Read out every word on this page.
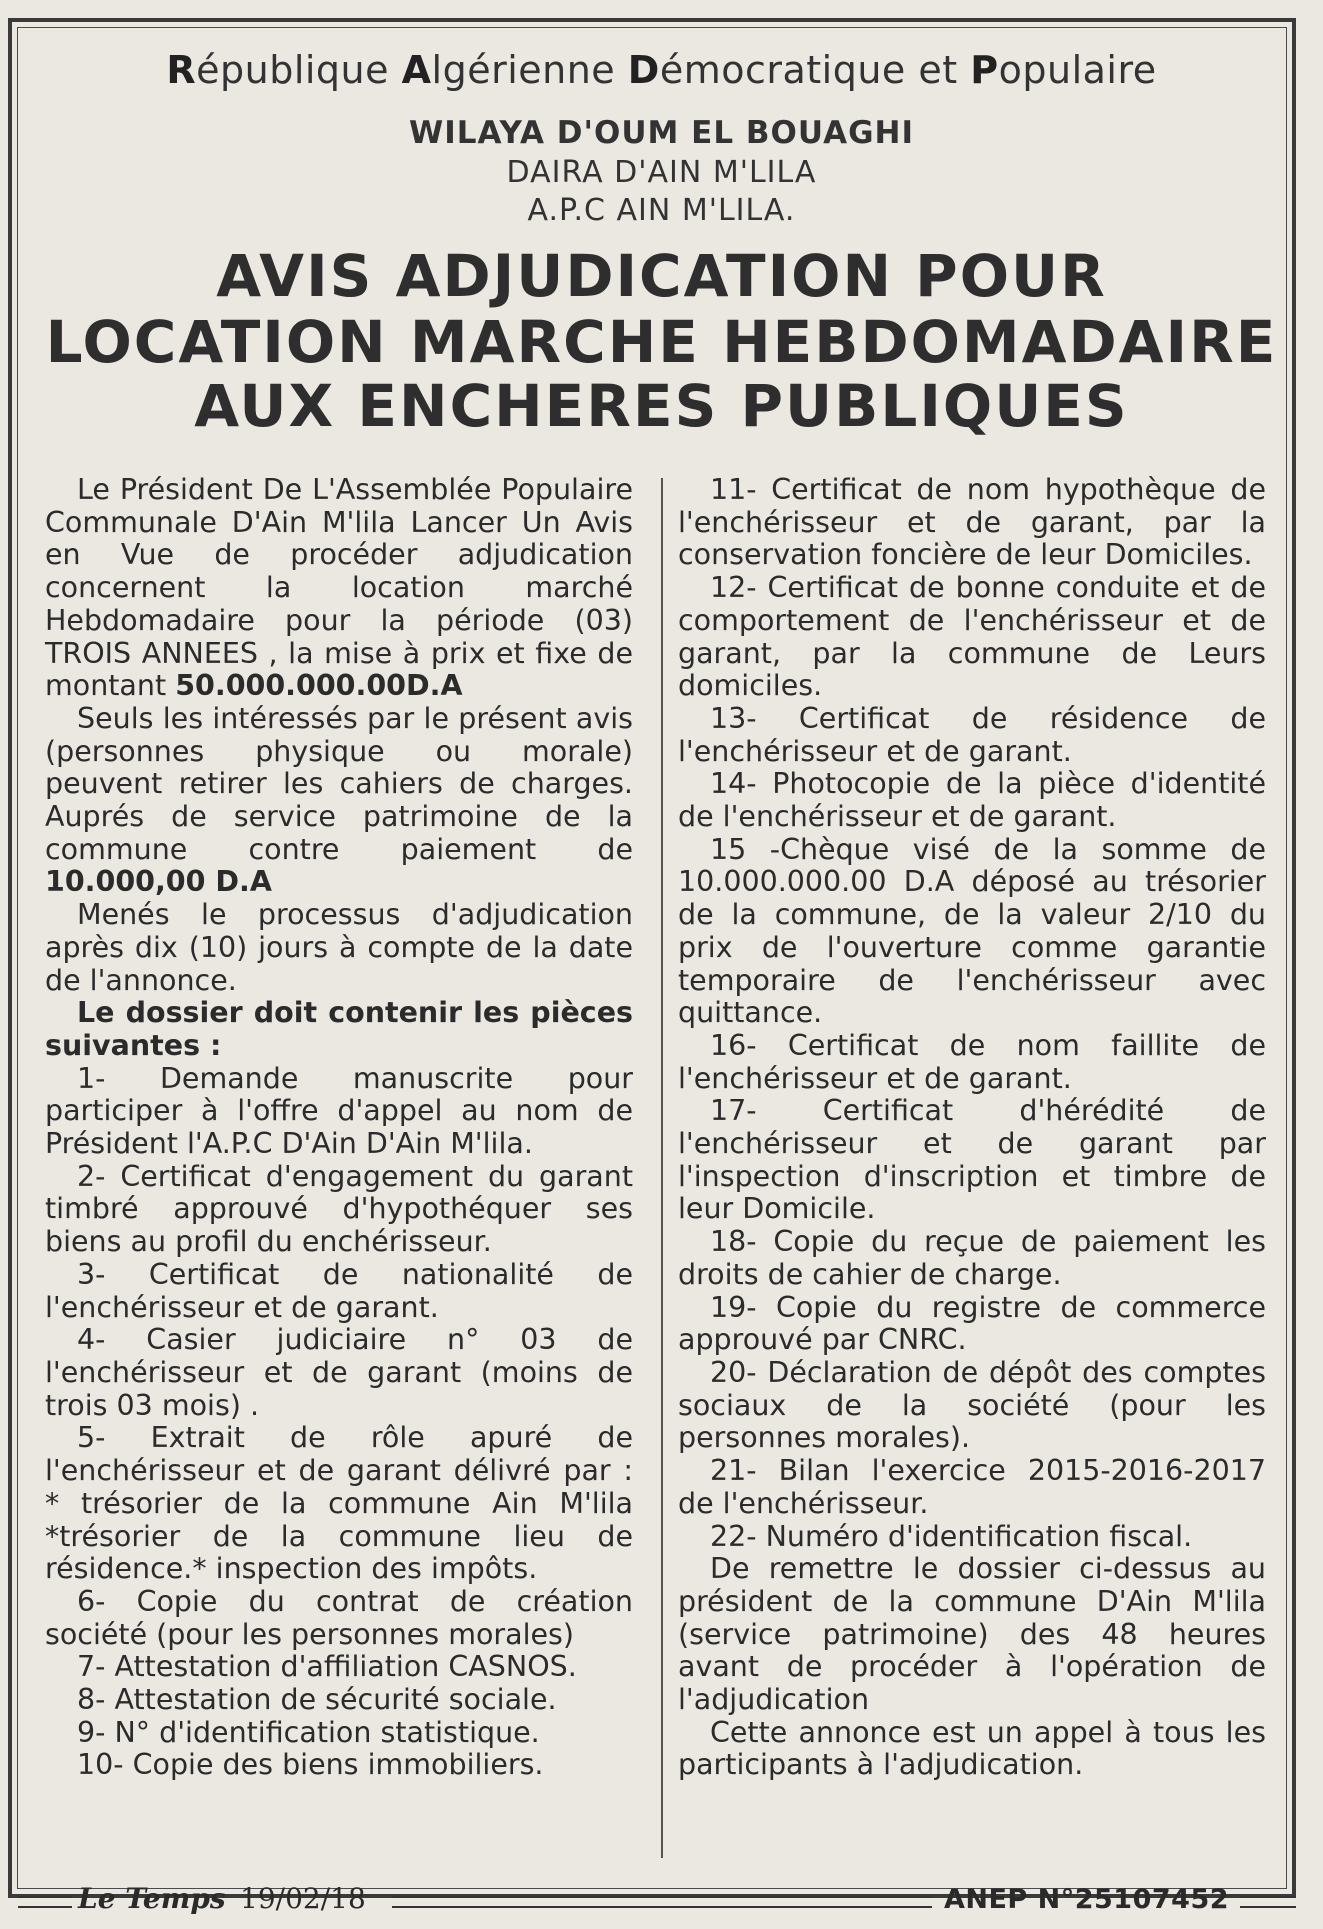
République Algérienne Démocratique et Populaire
WILAYA D'OUM EL BOUAGHI
DAIRA D'AIN M'LILA
A.P.C AIN M'LILA.
AVIS ADJUDICATION POUR
LOCATION MARCHE HEBDOMADAIRE
AUX ENCHERES PUBLIQUES

Le Président De L'Assemblée Populaire Communale D'Ain M'lila Lancer Un Avis en Vue de procéder adjudication concernent la location marché Hebdomadaire pour la période (03) TROIS ANNEES , la mise à prix et fixe de montant 50.000.000.00D.A

Seuls les intéressés par le présent avis (personnes physique ou morale) peuvent retirer les cahiers de charges. Auprés de service patrimoine de la commune contre paiement de 10.000,00 D.A

Menés le processus d'adjudication après dix (10) jours à compte de la date de l'annonce.

Le dossier doit contenir les pièces suivantes :

1- Demande manuscrite pour participer à l'offre d'appel au nom de Président l'A.P.C D'Ain D'Ain M'lila.

2- Certificat d'engagement du garant timbré approuvé d'hypothéquer ses biens au profil du enchérisseur.

3- Certificat de nationalité de l'enchérisseur et de garant.

4- Casier judiciaire n° 03 de l'enchérisseur et de garant (moins de trois 03 mois) .

5- Extrait de rôle apuré de l'enchérisseur et de garant délivré par : * trésorier de la commune Ain M'lila *trésorier de la commune lieu de résidence.* inspection des impôts.

6- Copie du contrat de création société (pour les personnes morales)

7- Attestation d'affiliation CASNOS.

8- Attestation de sécurité sociale.

9- N° d'identification statistique.

10- Copie des biens immobiliers.

11- Certificat de nom hypothèque de l'enchérisseur et de garant, par la conservation foncière de leur Domiciles.

12- Certificat de bonne conduite et de comportement de l'enchérisseur et de garant, par la commune de Leurs domiciles.

13- Certificat de résidence de l'enchérisseur et de garant.

14- Photocopie de la pièce d'identité de l'enchérisseur et de garant.

15 -Chèque visé de la somme de 10.000.000.00 D.A déposé au trésorier de la commune, de la valeur 2/10 du prix de l'ouverture comme garantie temporaire de l'enchérisseur avec quittance.

16- Certificat de nom faillite de l'enchérisseur et de garant.

17- Certificat d'hérédité de l'enchérisseur et de garant par l'inspection d'inscription et timbre de leur Domicile.

18- Copie du reçue de paiement les droits de cahier de charge.

19- Copie du registre de commerce approuvé par CNRC.

20- Déclaration de dépôt des comptes sociaux de la société (pour les personnes morales).

21- Bilan l'exercice 2015-2016-2017 de l'enchérisseur.

22- Numéro d'identification fiscal.

De remettre le dossier ci-dessus au président de la commune D'Ain M'lila (service patrimoine) des 48 heures avant de procéder à l'opération de l'adjudication

Cette annonce est un appel à tous les participants à l'adjudication.

Le Temps 19/02/18	ANEP N°25107452
